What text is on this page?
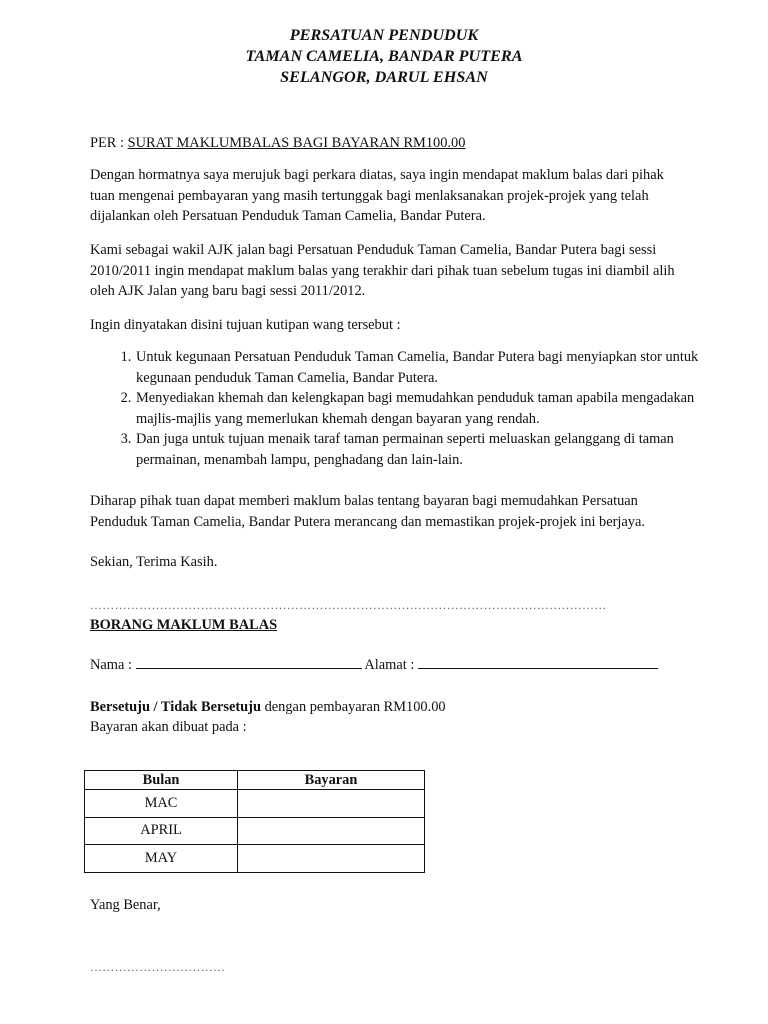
PERSATUAN PENDUDUK
TAMAN CAMELIA, BANDAR PUTERA
SELANGOR, DARUL EHSAN
PER : SURAT MAKLUMBALAS BAGI BAYARAN RM100.00
Dengan hormatnya saya merujuk bagi perkara diatas, saya ingin mendapat maklum balas dari pihak tuan mengenai pembayaran yang masih tertunggak bagi menlaksanakan projek-projek yang telah dijalankan oleh Persatuan Penduduk Taman Camelia, Bandar Putera.
Kami sebagai wakil AJK jalan bagi Persatuan Penduduk Taman Camelia, Bandar Putera bagi sessi 2010/2011 ingin mendapat maklum balas yang terakhir dari pihak tuan sebelum tugas ini diambil alih oleh AJK Jalan yang baru bagi sessi 2011/2012.
Ingin dinyatakan disini tujuan kutipan wang tersebut :
1. Untuk kegunaan Persatuan Penduduk Taman Camelia, Bandar Putera bagi menyiapkan stor untuk kegunaan penduduk Taman Camelia, Bandar Putera.
2. Menyediakan khemah dan kelengkapan bagi memudahkan penduduk taman apabila mengadakan majlis-majlis yang memerlukan khemah dengan bayaran yang rendah.
3. Dan juga untuk tujuan menaik taraf taman permainan seperti meluaskan gelanggang di taman permainan, menambah lampu, penghadang dan lain-lain.
Diharap pihak tuan dapat memberi maklum balas tentang bayaran bagi memudahkan Persatuan Penduduk Taman Camelia, Bandar Putera merancang dan memastikan projek-projek ini berjaya.
Sekian, Terima Kasih.
………………………………………………………………………………………………………………
BORANG MAKLUM BALAS
Nama :	Alamat :
Bersetuju / Tidak Bersetuju dengan pembayaran RM100.00
Bayaran akan dibuat pada :
Bulan	Bayaran
MAC	
APRIL	
MAY	
Yang Benar,
……………………………
